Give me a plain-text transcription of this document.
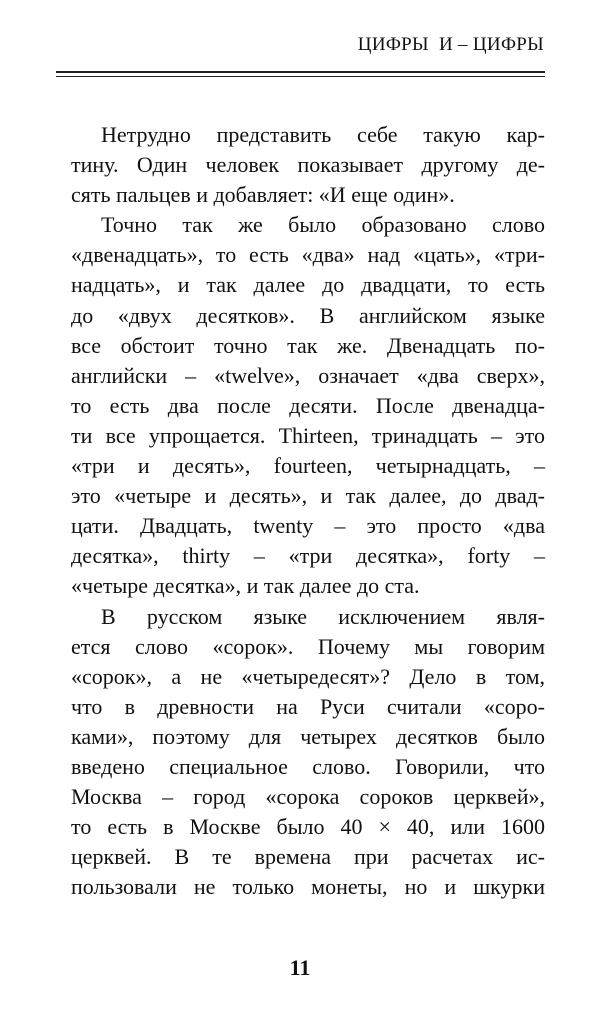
ЦИФРЫ  И – ЦИФРЫ
Нетрудно представить себе такую кар-
тину. Один человек показывает другому де-
сять пальцев и добавляет: «И еще один».
Точно так же было образовано слово
«двенадцать», то есть «два» над «цать», «три-
надцать», и так далее до двадцати, то есть
до «двух десятков». В английском языке
все обстоит точно так же. Двенадцать по-
английски – «twelve», означает «два сверх»,
то есть два после десяти. После двенадца-
ти все упрощается. Thirteen, тринадцать – это
«три и десять», fourteen, четырнадцать, –
это «четыре и десять», и так далее, до двад-
цати. Двадцать, twenty – это просто «два
десятка», thirty – «три десятка», forty –
«четыре десятка», и так далее до ста.
В русском языке исключением явля-
ется слово «сорок». Почему мы говорим
«сорок», а не «четыредесят»? Дело в том,
что в древности на Руси считали «соро-
ками», поэтому для четырех десятков было
введено специальное слово. Говорили, что
Москва – город «сорока сороков церквей»,
то есть в Москве было 40 × 40, или 1600
церквей. В те времена при расчетах ис-
пользовали не только монеты, но и шкурки
11
